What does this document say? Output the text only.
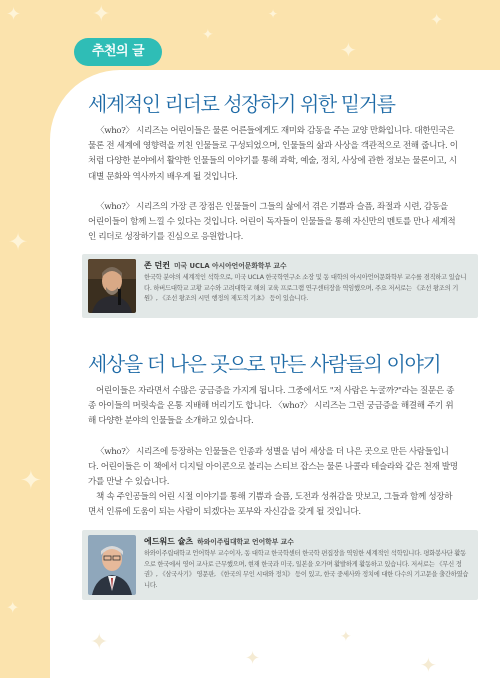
✦	✦
✦
✦
✦
✦
✦
✦
✦
추천의 글
✦
✦
✦
✦
세계적인 리더로 성장하기 위한 밑거름

〈who?〉 시리즈는 어린이들은 물론 어른들에게도 재미와 감동을 주는 교양 만화입니다. 대한민국은 물론 전 세계에 영향력을 끼친 인물들로 구성되었으며, 인물들의 삶과 사상을 객관적으로 전해 줍니다. 이처럼 다양한 분야에서 활약한 인물들의 이야기를 통해 과학, 예술, 정치, 사상에 관한 정보는 물론이고, 시대별 문화와 역사까지 배우게 될 것입니다.

〈who?〉 시리즈의 가장 큰 장점은 인물들이 그들의 삶에서 겪은 기쁨과 슬픔, 좌절과 시련, 감동을 어린이들이 함께 느낄 수 있다는 것입니다. 어린이 독자들이 인물들을 통해 자신만의 멘토를 만나 세계적인 리더로 성장하기를 진심으로 응원합니다.

존 던컨 미국 UCLA 아시아언어문화학부 교수

한국학 분야의 세계적인 석학으로, 미국 UCLA 한국학연구소 소장 및 동 대학의 아시아언어문화학부 교수를 겸직하고 있습니다. 하버드대학교 고황 교수와 고려대학교 해외 교육 프로그램 연구센터장을 역임했으며, 주요 저서로는 《조선 왕조의 기원》, 《조선 왕조의 시민 행정의 제도적 기초》 등이 있습니다.

세상을 더 나은 곳으로 만든 사람들의 이야기

어린이들은 자라면서 수많은 궁금증을 가지게 됩니다. 그중에서도 "저 사람은 누굴까?"라는 질문은 종종 아이들의 머릿속을 온통 지배해 버리기도 합니다. 〈who?〉 시리즈는 그런 궁금증을 해결해 주기 위해 다양한 분야의 인물들을 소개하고 있습니다.

〈who?〉 시리즈에 등장하는 인물들은 인종과 성별을 넘어 세상을 더 나은 곳으로 만든 사람들입니다. 어린이들은 이 책에서 디지털 아이콘으로 불리는 스티브 잡스는 물론 나콜라 테슬라와 같은 천재 발명가를 만날 수 있습니다.

책 속 주인공들의 어린 시절 이야기를 통해 기쁨과 슬픔, 도전과 성취감을 맛보고, 그들과 함께 성장하면서 인류에 도움이 되는 사람이 되겠다는 포부와 자신감을 갖게 될 것입니다.

에드워드 슐츠 하와이주립대학교 언어학부 교수

하와이주립대학교 언어학부 교수이자, 동 대학교 한국학센터 한국학 편집장을 역임한 세계적인 석학입니다. 평화봉사단 활동으로 한국에서 영어 교사로 근무했으며, 현재 한국과 미국, 일본을 오가며 활발하게 활동하고 있습니다. 저서로는 《무신 정권》, 《삼국사기》 영문판, 《한국의 무인 시대와 정치》 등이 있고, 한국 중세사와 정치에 대한 다수의 기고문을 출간하였습니다.
